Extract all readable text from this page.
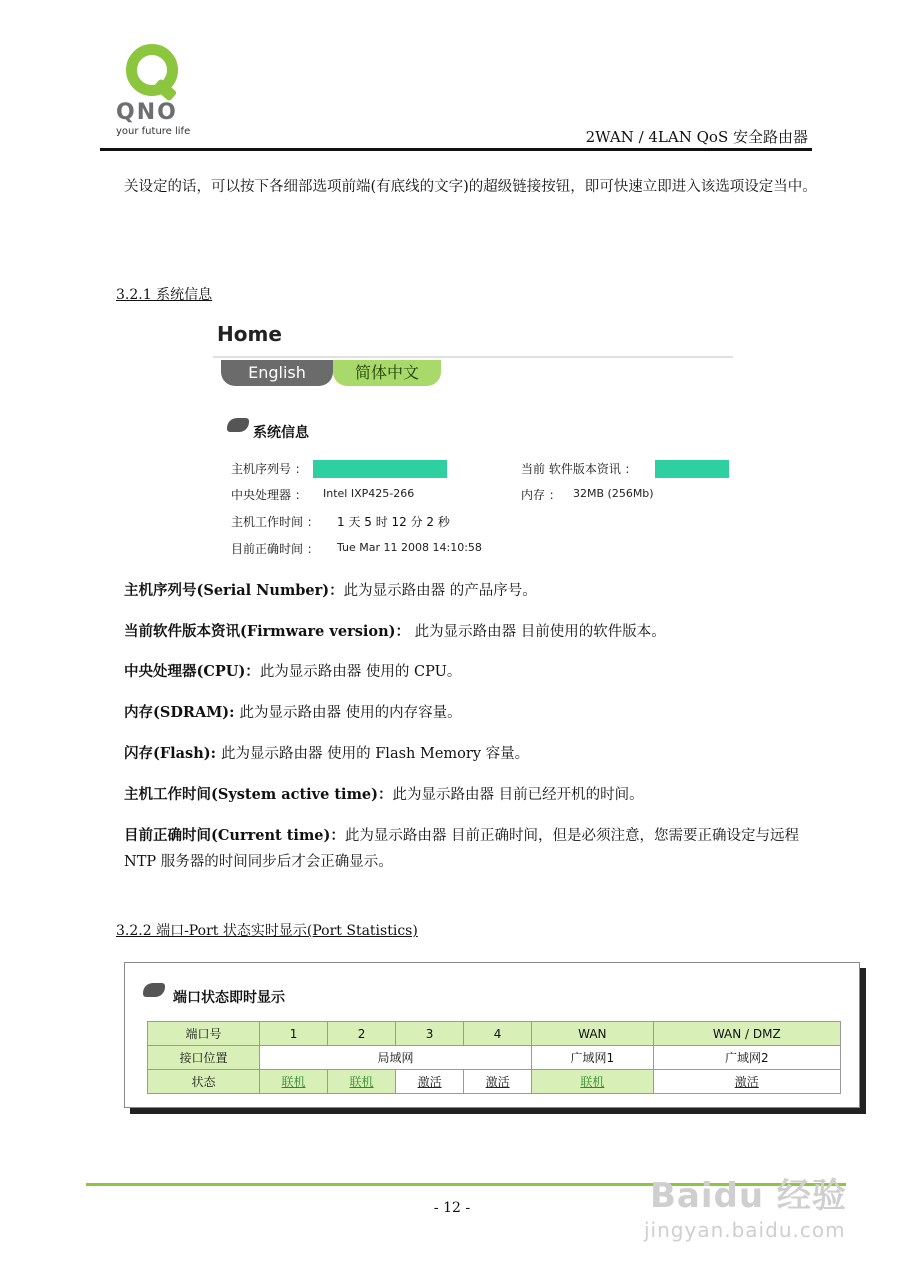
QNO
your future life	2WAN / 4LAN QoS 安全路由器

关设定的话，可以按下各细部选项前端(有底线的文字)的超级链接按钮，即可快速立即进入该选项设定当中。

3.2.1 系统信息
Home
English	简体中文
系统信息
主机序列号 ：	当前 软件版本资讯 ：
中央处理器 ： Intel IXP425-266	内存 ： 32MB (256Mb)
主机工作时间 ： 1 天 5 时 12 分 2 秒
目前正确时间 ： Tue Mar 11 2008 14:10:58

主机序列号(Serial Number)：此为显示路由器 的产品序号。

当前软件版本资讯(Firmware version)： 此为显示路由器 目前使用的软件版本。

中央处理器(CPU)：此为显示路由器 使用的 CPU。

内存(SDRAM): 此为显示路由器 使用的内存容量。

闪存(Flash): 此为显示路由器 使用的 Flash Memory 容量。

主机工作时间(System active time)：此为显示路由器 目前已经开机的时间。

目前正确时间(Current time)：此为显示路由器 目前正确时间，但是必须注意，您需要正确设定与远程 NTP 服务器的时间同步后才会正确显示。

3.2.2 端口-Port 状态实时显示(Port Statistics)
端口状态即时显示
端口号	1	2	3	4	WAN	WAN / DMZ
接口位置	局域网				广域网1	广域网2
状态	联机	联机	激活	激活	联机	激活
- 12 -	Baidu 经验
jingyan.baidu.com
